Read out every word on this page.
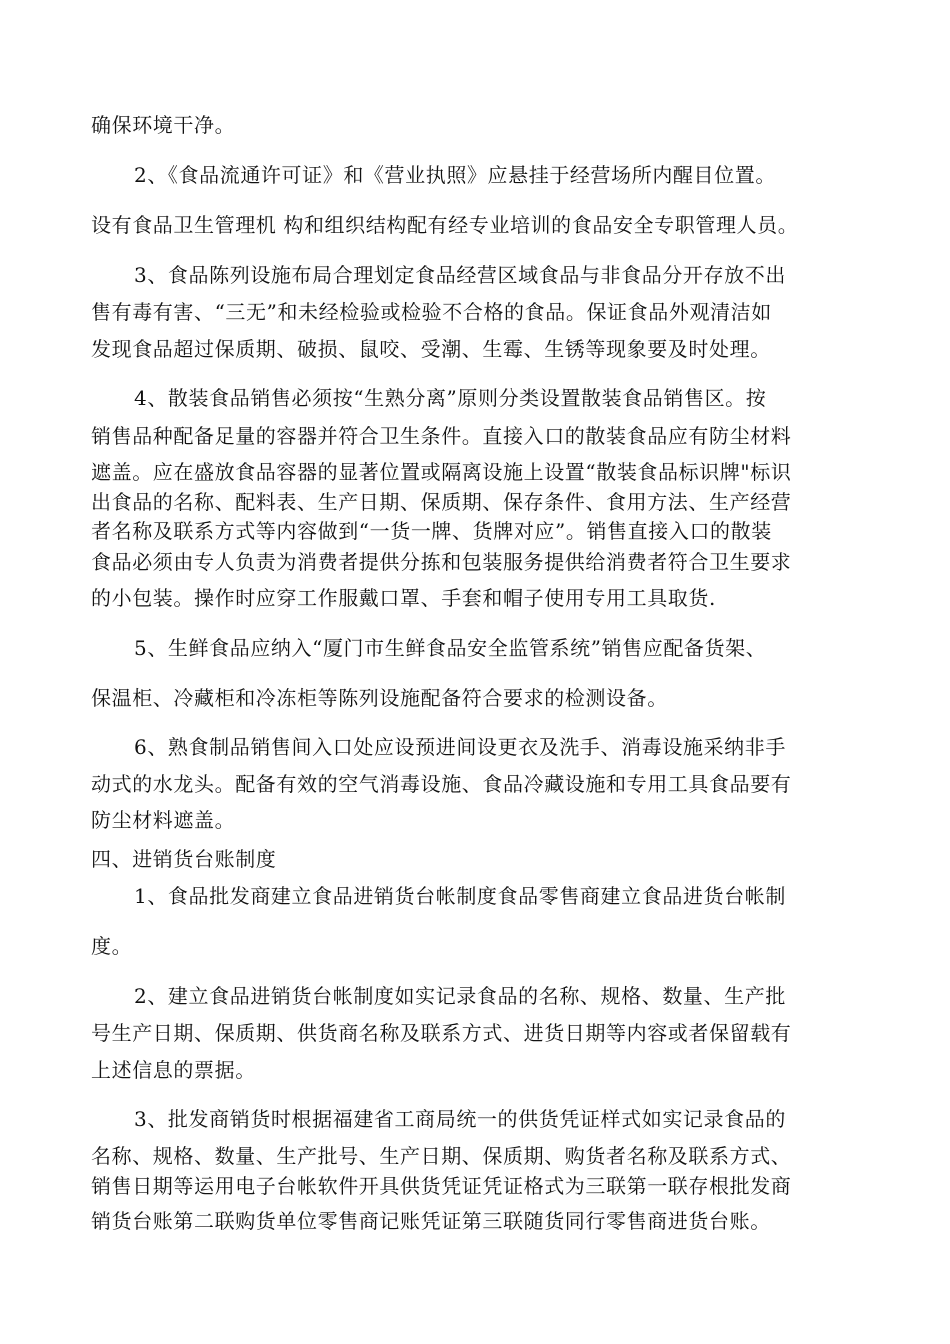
确保环境干净。
2、《食品流通许可证》和《营业执照》应悬挂于经营场所内醒目位置。
设有食品卫生管理机 构和组织结构配有经专业培训的食品安全专职管理人员。
3、食品陈列设施布局合理划定食品经营区域食品与非食品分开存放不出
售有毒有害、“三无”和未经检验或检验不合格的食品。保证食品外观清洁如
发现食品超过保质期、破损、鼠咬、受潮、生霉、生锈等现象要及时处理。
4、散装食品销售必须按“生熟分离”原则分类设置散装食品销售区。按
销售品种配备足量的容器并符合卫生条件。直接入口的散装食品应有防尘材料
遮盖。应在盛放食品容器的显著位置或隔离设施上设置“散装食品标识牌"标识
出食品的名称、配料表、生产日期、保质期、保存条件、食用方法、生产经营
者名称及联系方式等内容做到“一货一牌、货牌对应”。销售直接入口的散装
食品必须由专人负责为消费者提供分拣和包装服务提供给消费者符合卫生要求
的小包装。操作时应穿工作服戴口罩、手套和帽子使用专用工具取货.
5、生鲜食品应纳入“厦门市生鲜食品安全监管系统”销售应配备货架、
保温柜、冷藏柜和冷冻柜等陈列设施配备符合要求的检测设备。
6、熟食制品销售间入口处应设预进间设更衣及洗手、消毒设施采纳非手
动式的水龙头。配备有效的空气消毒设施、食品冷藏设施和专用工具食品要有
防尘材料遮盖。
四、进销货台账制度
1、食品批发商建立食品进销货台帐制度食品零售商建立食品进货台帐制
度。
2、建立食品进销货台帐制度如实记录食品的名称、规格、数量、生产批
号生产日期、保质期、供货商名称及联系方式、进货日期等内容或者保留载有
上述信息的票据。
3、批发商销货时根据福建省工商局统一的供货凭证样式如实记录食品的
名称、规格、数量、生产批号、生产日期、保质期、购货者名称及联系方式、
销售日期等运用电子台帐软件开具供货凭证凭证格式为三联第一联存根批发商
销货台账第二联购货单位零售商记账凭证第三联随货同行零售商进货台账。
